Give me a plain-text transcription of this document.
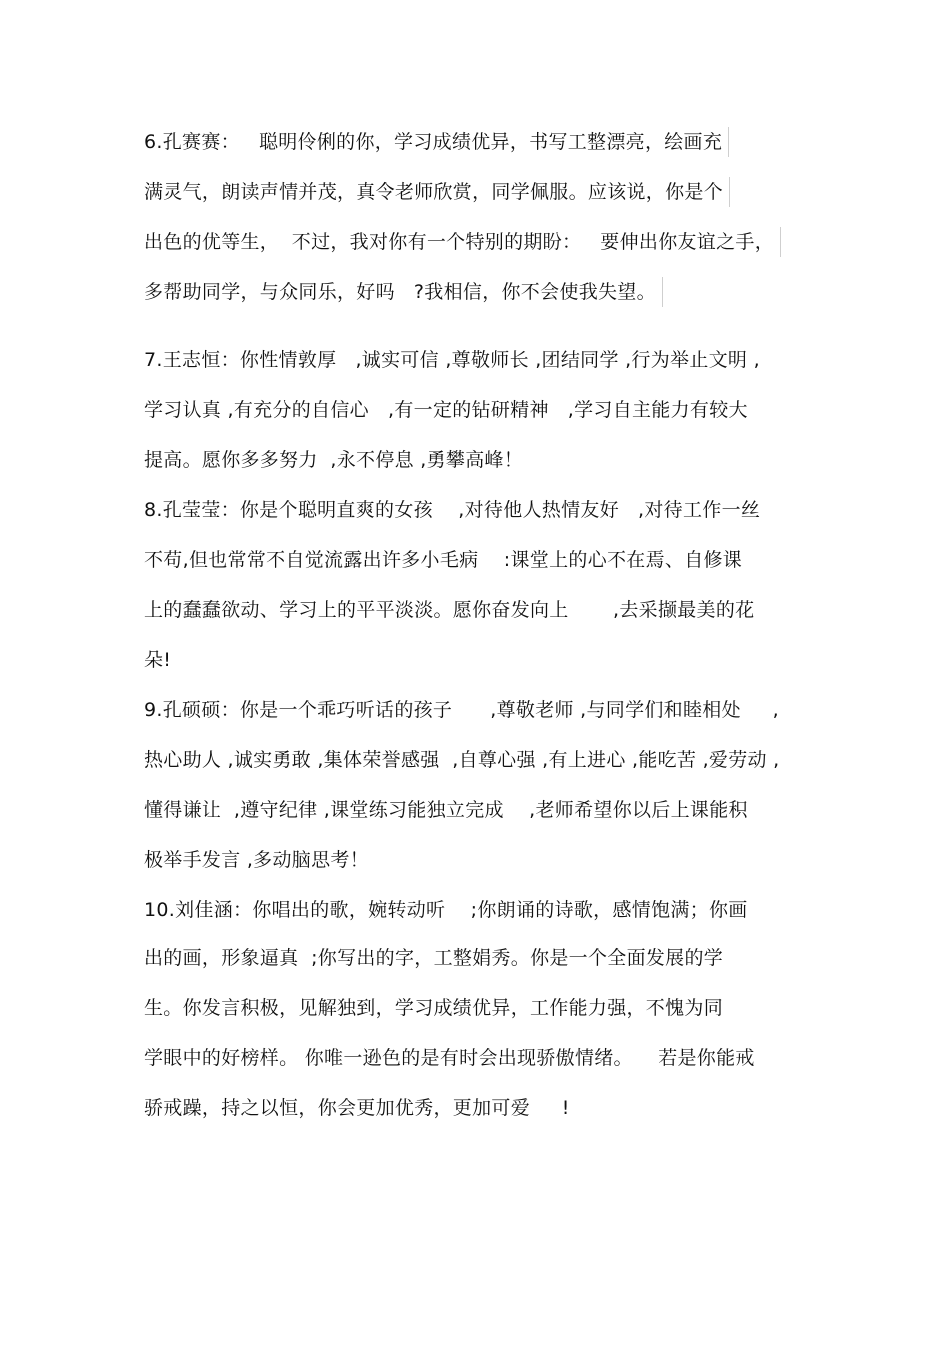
6.孔赛赛：   聪明伶俐的你，学习成绩优异，书写工整漂亮，绘画充
满灵气，朗读声情并茂，真令老师欣赏，同学佩服。应该说，你是个
出色的优等生，  不过，我对你有一个特别的期盼：   要伸出你友谊之手，
多帮助同学，与众同乐，好吗   ?我相信，你不会使我失望。
7.王志恒：你性情敦厚   ,诚实可信 ,尊敬师长 ,团结同学 ,行为举止文明 ,
学习认真 ,有充分的自信心   ,有一定的钻研精神   ,学习自主能力有较大
提高。愿你多多努力  ,永不停息 ,勇攀高峰！
8.孔莹莹：你是个聪明直爽的女孩    ,对待他人热情友好   ,对待工作一丝
不苟,但也常常不自觉流露出许多小毛病    :课堂上的心不在焉、自修课
上的蠢蠢欲动、学习上的平平淡淡。愿你奋发向上       ,去采撷最美的花
朵!
9.孔硕硕：你是一个乖巧听话的孩子      ,尊敬老师 ,与同学们和睦相处     ,
热心助人 ,诚实勇敢 ,集体荣誉感强  ,自尊心强 ,有上进心 ,能吃苦 ,爱劳动 ,
懂得谦让  ,遵守纪律 ,课堂练习能独立完成    ,老师希望你以后上课能积
极举手发言 ,多动脑思考！
10.刘佳涵：你唱出的歌，婉转动听    ;你朗诵的诗歌，感情饱满；你画
出的画，形象逼真  ;你写出的字，工整娟秀。你是一个全面发展的学
生。你发言积极，见解独到，学习成绩优异，工作能力强，不愧为同
学眼中的好榜样。 你唯一逊色的是有时会出现骄傲情绪。    若是你能戒
骄戒躁，持之以恒，你会更加优秀，更加可爱     !
